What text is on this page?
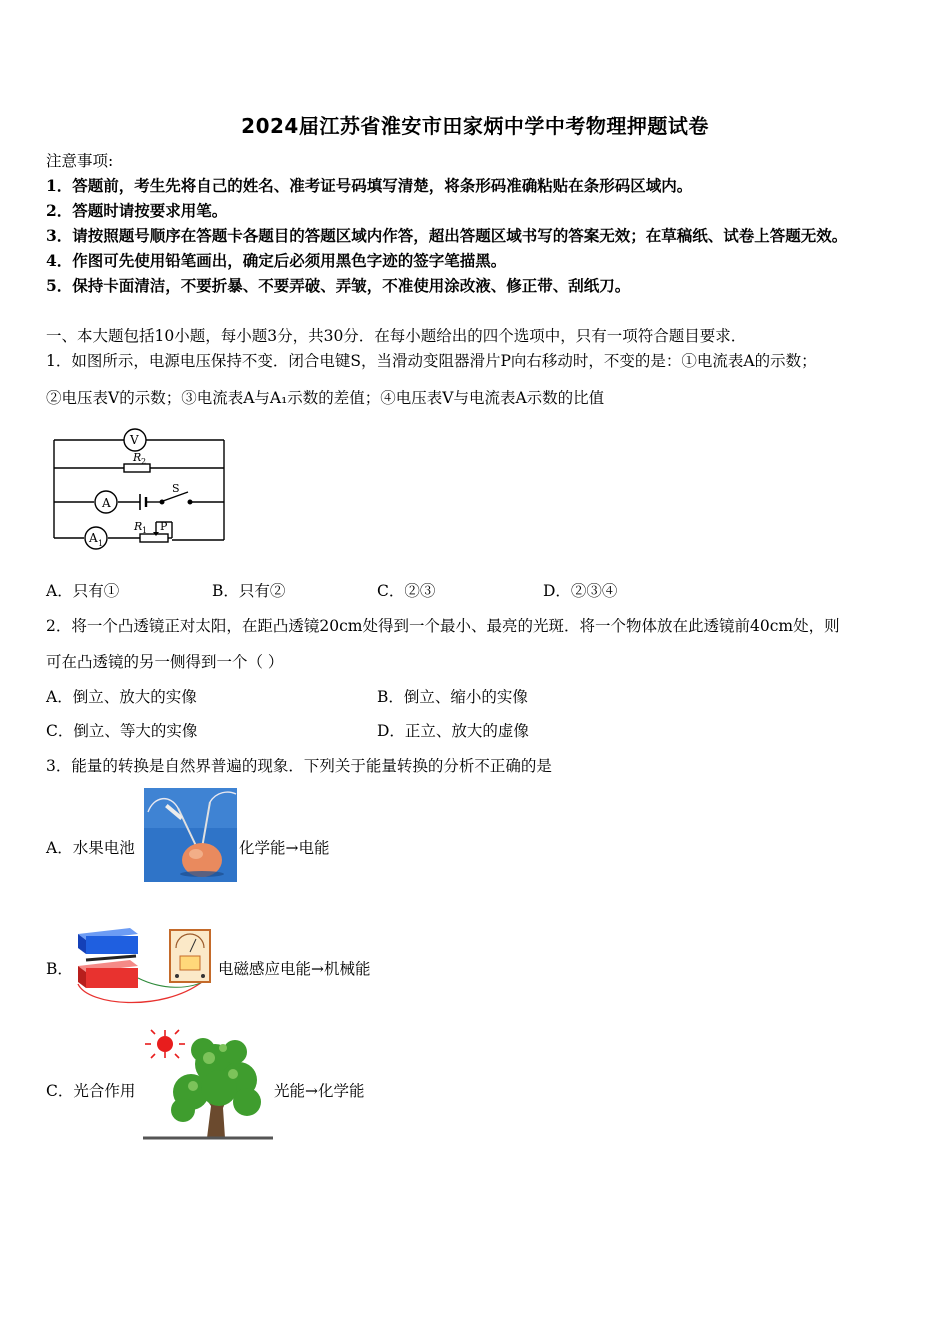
2024届江苏省淮安市田家炳中学中考物理押题试卷
注意事项:
1．答题前，考生先将自己的姓名、准考证号码填写清楚，将条形码准确粘贴在条形码区域内。
2．答题时请按要求用笔。
3．请按照题号顺序在答题卡各题目的答题区域内作答，超出答题区域书写的答案无效；在草稿纸、试卷上答题无效。
4．作图可先使用铅笔画出，确定后必须用黑色字迹的签字笔描黑。
5．保持卡面清洁，不要折暴、不要弄破、弄皱，不准使用涂改液、修正带、刮纸刀。
一、本大题包括10小题，每小题3分，共30分．在每小题给出的四个选项中，只有一项符合题目要求．
1．如图所示，电源电压保持不变．闭合电键S，当滑动变阻器滑片P向右移动时，不变的是：①电流表A的示数；
②电压表V的示数；③电流表A与A₁示数的差值；④电压表V与电流表A示数的比值
V
A
A 1
R 2
R 1
S
P
A．只有①	B．只有②	C．②③	D．②③④
2．将一个凸透镜正对太阳，在距凸透镜20cm处得到一个最小、最亮的光斑．将一个物体放在此透镜前40cm处，则
可在凸透镜的另一侧得到一个（ ）
A．倒立、放大的实像	B．倒立、缩小的实像
C．倒立、等大的实像	D．正立、放大的虚像
3．能量的转换是自然界普遍的现象．下列关于能量转换的分析不正确的是
A．水果电池	化学能→电能
B．	电磁感应电能→机械能
C．光合作用	光能→化学能
